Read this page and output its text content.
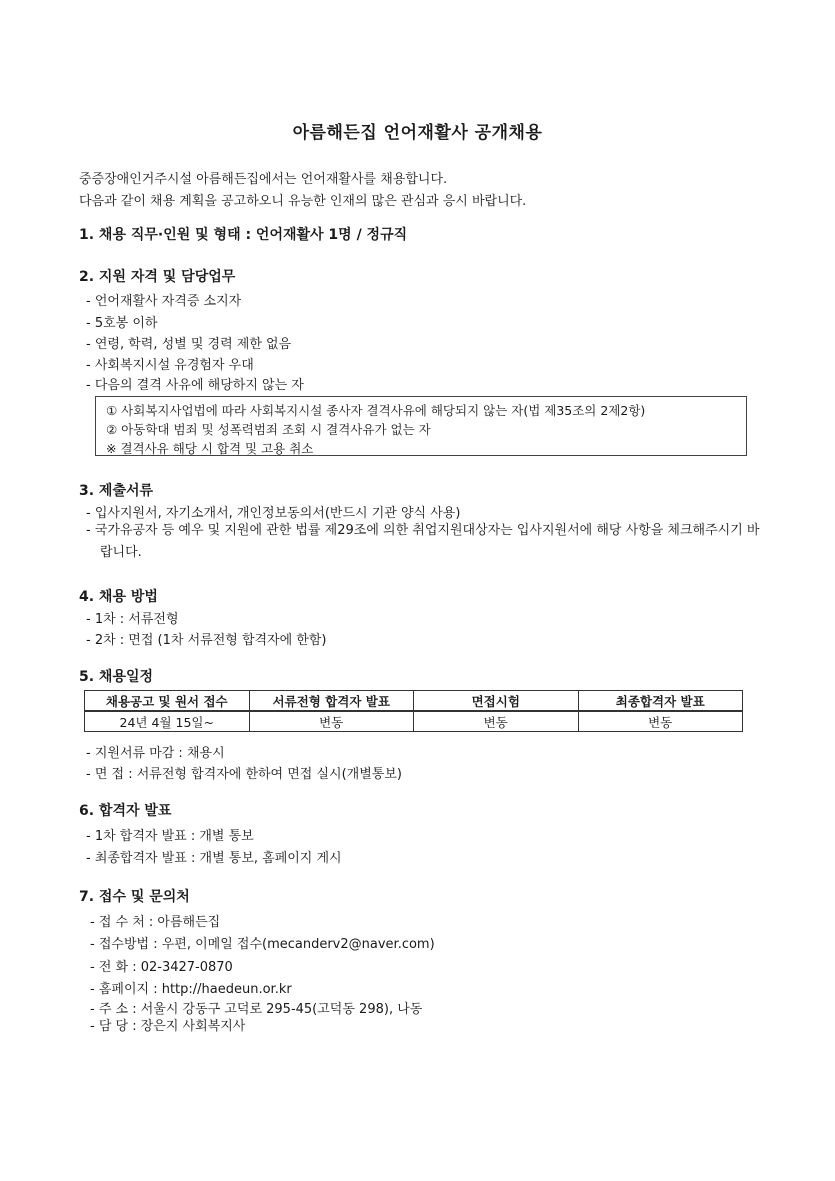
아름해든집 언어재활사 공개채용
중증장애인거주시설 아름해든집에서는 언어재활사를 채용합니다.
다음과 같이 채용 계획을 공고하오니 유능한 인재의 많은 관심과 응시 바랍니다.
1. 채용 직무·인원 및 형태 : 언어재활사 1명 / 정규직
2. 지원 자격 및 담당업무
- 언어재활사 자격증 소지자
- 5호봉 이하
- 연령, 학력, 성별 및 경력 제한 없음
- 사회복지시설 유경험자 우대
- 다음의 결격 사유에 해당하지 않는 자
① 사회복지사업법에 따라 사회복지시설 종사자 결격사유에 해당되지 않는 자(법 제35조의 2제2항)
② 아동학대 범죄 및 성폭력범죄 조회 시 결격사유가 없는 자
※ 결격사유 해당 시 합격 및 고용 취소
3. 제출서류
- 입사지원서, 자기소개서, 개인정보동의서(반드시 기관 양식 사용)
- 국가유공자 등 예우 및 지원에 관한 법률 제29조에 의한 취업지원대상자는 입사지원서에 해당 사항을 체크해주시기 바랍니다.
4. 채용 방법
- 1차 : 서류전형
- 2차 : 면접 (1차 서류전형 합격자에 한함)
5. 채용일정
채용공고 및 원서 접수	서류전형 합격자 발표	면접시험	최종합격자 발표
24년 4월 15일~	변동	변동	변동
- 지원서류 마감 : 채용시
- 면 접 : 서류전형 합격자에 한하여 면접 실시(개별통보)
6. 합격자 발표
- 1차 합격자 발표 : 개별 통보
- 최종합격자 발표 : 개별 통보, 홈페이지 게시
7. 접수 및 문의처
- 접 수 처 : 아름해든집
- 접수방법 : 우편, 이메일 접수(mecanderv2@naver.com)
- 전 화 : 02-3427-0870
- 홈페이지 : http://haedeun.or.kr
- 주 소 : 서울시 강동구 고덕로 295-45(고덕동 298), 나동
- 담 당 : 장은지 사회복지사
